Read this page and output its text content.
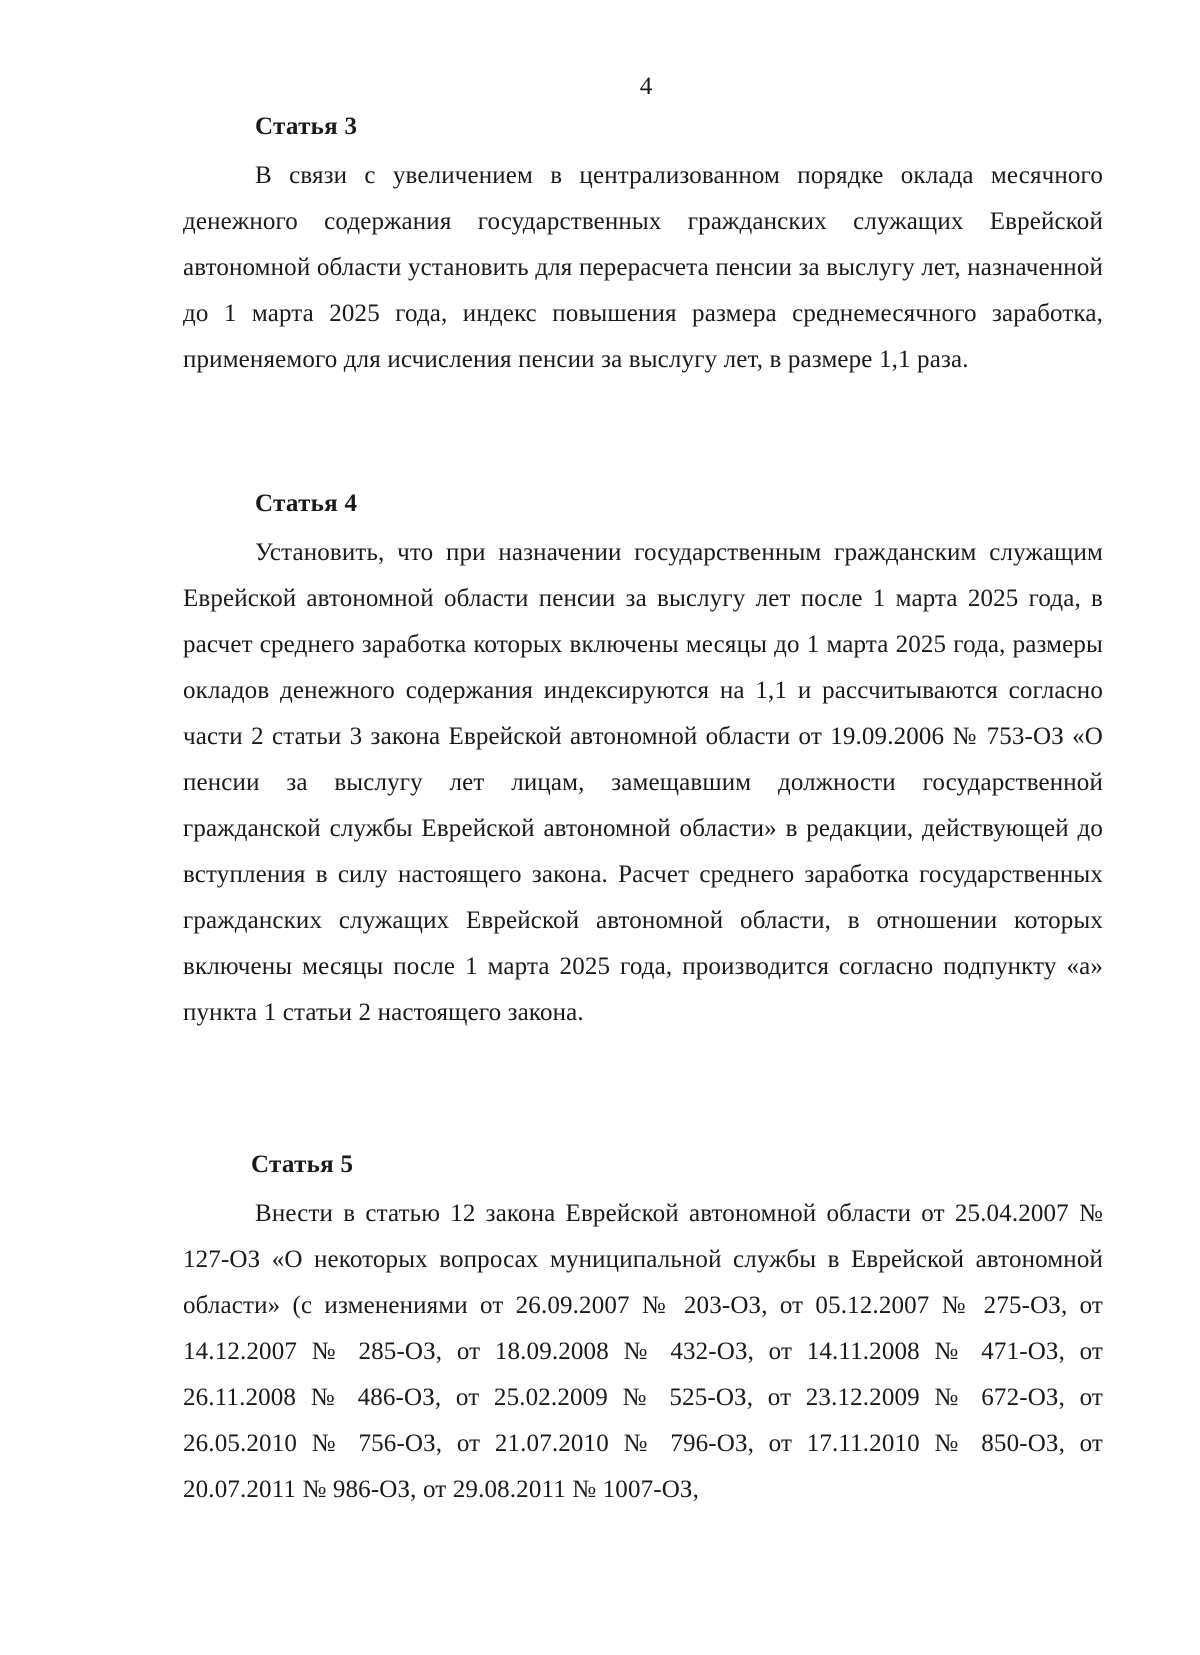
4
Статья 3

В связи с увеличением в централизованном порядке оклада месячного денежного содержания государственных гражданских служащих Еврейской автономной области установить для перерасчета пенсии за выслугу лет, назначенной до 1 марта 2025 года, индекс повышения размера среднемесячного заработка, применяемого для исчисления пенсии за выслугу лет, в размере 1,1 раза.

Статья 4

Установить, что при назначении государственным гражданским служащим Еврейской автономной области пенсии за выслугу лет после 1 марта 2025 года, в расчет среднего заработка которых включены месяцы до 1 марта 2025 года, размеры окладов денежного содержания индексируются на 1,1 и рассчитываются согласно части 2 статьи 3 закона Еврейской автономной области от 19.09.2006 № 753-ОЗ «О пенсии за выслугу лет лицам, замещавшим должности государственной гражданской службы Еврейской автономной области» в редакции, действующей до вступления в силу настоящего закона. Расчет среднего заработка государственных гражданских служащих Еврейской автономной области, в отношении которых включены месяцы после 1 марта 2025 года, производится согласно подпункту «а» пункта 1 статьи 2 настоящего закона.

Статья 5

Внести в статью 12 закона Еврейской автономной области от 25.04.2007 № 127-ОЗ «О некоторых вопросах муниципальной службы в Еврейской автономной области» (с изменениями от 26.09.2007 № 203-ОЗ, от 05.12.2007 № 275-ОЗ, от 14.12.2007 № 285-ОЗ, от 18.09.2008 № 432-ОЗ, от 14.11.2008 № 471-ОЗ, от 26.11.2008 № 486-ОЗ, от 25.02.2009 № 525-ОЗ, от 23.12.2009 № 672-ОЗ, от 26.05.2010 № 756-ОЗ, от 21.07.2010 № 796-ОЗ, от 17.11.2010 № 850-ОЗ, от 20.07.2011 № 986-ОЗ, от 29.08.2011 № 1007-ОЗ,
